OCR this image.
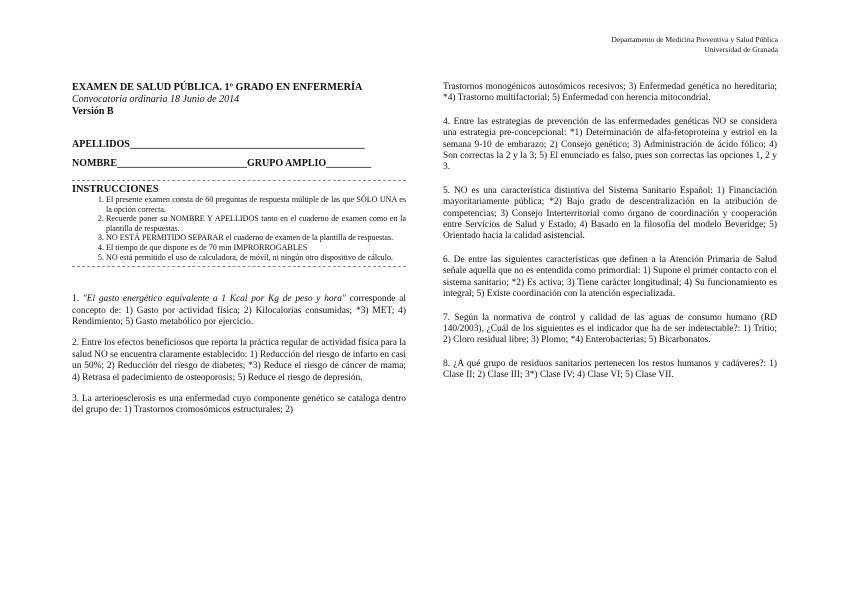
Departamento de Medicina Preventiva y Salud Pública
Universidad de Granada

EXAMEN DE SALUD PÚBLICA. 1º GRADO EN ENFERMERÍA

Convocatoria ordinaria 18 Junio de 2014

Versión B

APELLIDOS_______________________________________________

NOMBRE__________________________GRUPO AMPLIO_________

INSTRUCCIONES

1. El presente examen consta de 60 preguntas de respuesta múltiple de las que SÓLO UNA es la opción correcta.
2. Recuerde poner su NOMBRE Y APELLIDOS tanto en el cuaderno de examen como en la plantilla de respuestas.
3. NO ESTÁ PERMITIDO SEPARAR el cuaderno de examen de la plantilla de respuestas.
4. El tiempo de que dispone es de 70 min IMPRORROGABLES
5. NO está permitido el uso de calculadora, de móvil, ni ningún otro dispositivo de cálculo.

1. "El gasto energético equivalente a 1 Kcal por Kg de peso y hora" corresponde al concepto de: 1) Gasto por actividad física; 2) Kilocalorías consumidas; *3) MET; 4) Rendimiento; 5) Gasto metabólico por ejercicio.

2. Entre los efectos beneficiosos que reporta la práctica regular de actividad física para la salud NO se encuentra claramente establecido: 1) Reducción del riesgo de infarto en casi un 50%; 2) Reducción del riesgo de diabetes; *3) Reduce el riesgo de cáncer de mama; 4) Retrasa el padecimiento de osteoporosis; 5) Reduce el riesgo de depresión.

3. La arterioesclerosis es una enfermedad cuyo componente genético se cataloga dentro del grupo de: 1) Trastornos cromosómicos estructurales; 2)

Trastornos monogénicos autosómicos recesivos; 3) Enfermedad genética no hereditaria; *4) Trastorno multifactorial; 5) Enfermedad con herencia mitocondrial.

4. Entre las estrategias de prevención de las enfermedades genéticas NO se considera una estrategia pre-concepcional: *1) Determinación de alfa-fetoproteína y estriol en la semana 9-10 de embarazo; 2) Consejo genético; 3) Administración de ácido fólico; 4) Son correctas la 2 y la 3; 5) El enunciado es falso, pues son correctas las opciones 1, 2 y 3.

5. NO es una característica distintiva del Sistema Sanitario Español: 1) Financiación mayoritariamente pública; *2) Bajo grado de descentralización en la atribución de competencias; 3) Consejo Interterritorial como órgano de coordinación y cooperación entre Servicios de Salud y Estado; 4) Basado en la filosofía del modelo Beveridge; 5) Orientado hacia la calidad asistencial.

6. De entre las siguientes características que definen a la Atención Primaria de Salud señale aquella que no es entendida como primordial: 1) Supone el primer contacto con el sistema sanitario; *2) Es activa; 3) Tiene carácter longitudinal; 4) Su funcionamiento es integral; 5) Existe coordinación con la atención especializada.

7. Según la normativa de control y calidad de las aguas de consumo humano (RD 140/2003), ¿Cuál de los siguientes es el indicador que ha de ser indetectable?: 1) Tritio; 2) Cloro residual libre; 3) Plomo; *4) Enterobacterias; 5) Bicarbonatos.

8. ¿A qué grupo de residuos sanitarios pertenecen los restos humanos y cadáveres?: 1) Clase II; 2) Clase III; 3*) Clase IV; 4) Clase VI; 5) Clase VII.
